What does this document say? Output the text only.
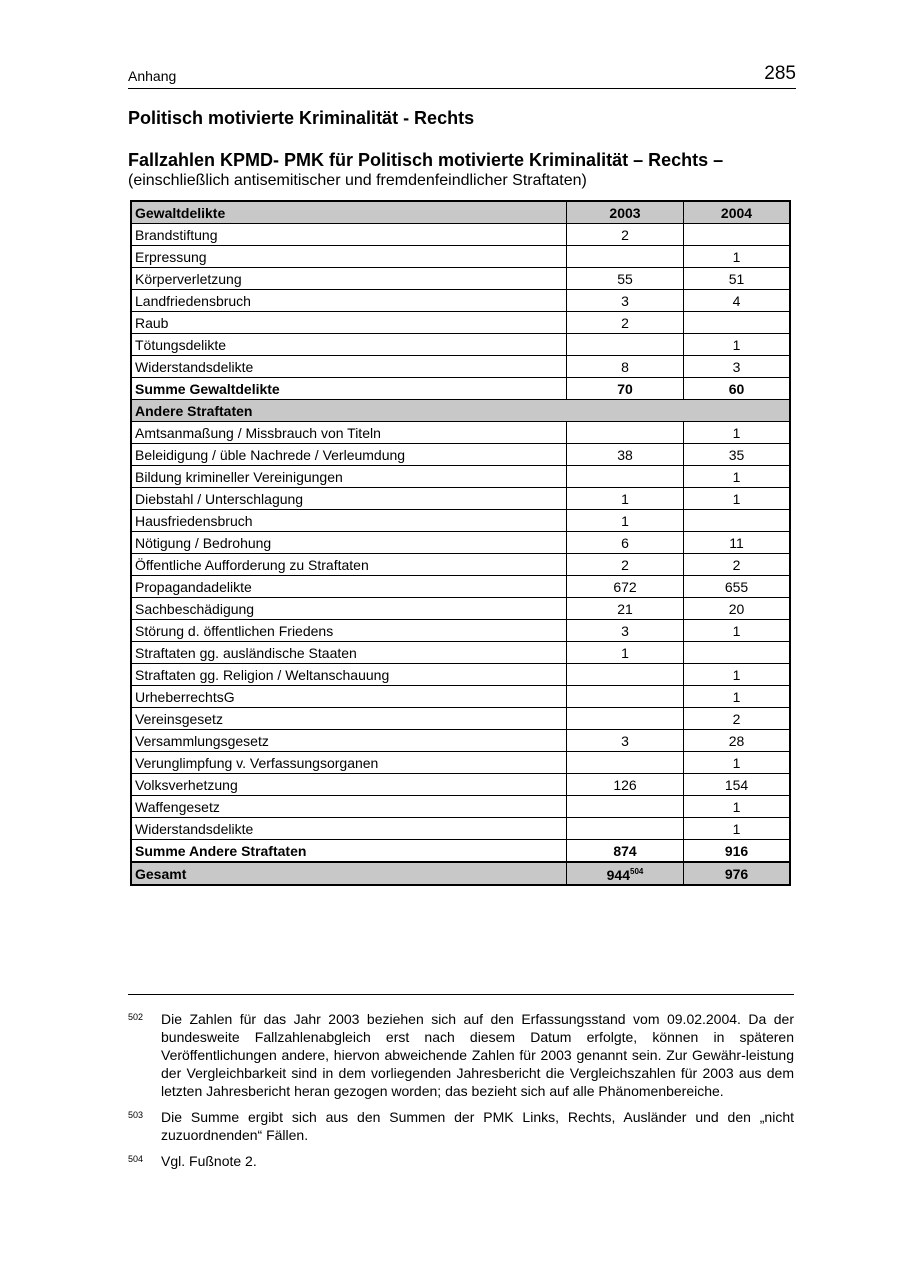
Anhang	285
Politisch motivierte Kriminalität - Rechts
Fallzahlen KPMD- PMK für Politisch motivierte Kriminalität – Rechts –
(einschließlich antisemitischer und fremdenfeindlicher Straftaten)
Gewaltdelikte	2003	2004
Brandstiftung	2	
Erpressung		1
Körperverletzung	55	51
Landfriedensbruch	3	4
Raub	2	
Tötungsdelikte		1
Widerstandsdelikte	8	3
Summe Gewaltdelikte	70	60
Andere Straftaten		
Amtsanmaßung / Missbrauch von Titeln		1
Beleidigung / üble Nachrede / Verleumdung	38	35
Bildung krimineller Vereinigungen		1
Diebstahl / Unterschlagung	1	1
Hausfriedensbruch	1	
Nötigung / Bedrohung	6	11
Öffentliche Aufforderung zu Straftaten	2	2
Propagandadelikte	672	655
Sachbeschädigung	21	20
Störung d. öffentlichen Friedens	3	1
Straftaten gg. ausländische Staaten	1	
Straftaten gg. Religion / Weltanschauung		1
UrheberrechtsG		1
Vereinsgesetz		2
Versammlungsgesetz	3	28
Verunglimpfung v. Verfassungsorganen		1
Volksverhetzung	126	154
Waffengesetz		1
Widerstandsdelikte		1
Summe Andere Straftaten	874	916
Gesamt	$944^{504}$	976
502 Die Zahlen für das Jahr 2003 beziehen sich auf den Erfassungsstand vom 09.02.2004. Da der bundesweite Fallzahlenabgleich erst nach diesem Datum erfolgte, können in späteren Veröffentlichungen andere, hiervon abweichende Zahlen für 2003 genannt sein. Zur Gewähr-leistung der Vergleichbarkeit sind in dem vorliegenden Jahresbericht die Vergleichszahlen für 2003 aus dem letzten Jahresbericht heran gezogen worden; das bezieht sich auf alle Phänomenbereiche.
503 Die Summe ergibt sich aus den Summen der PMK Links, Rechts, Ausländer und den „nicht zuzuordnenden“ Fällen.
504 Vgl. Fußnote 2.
